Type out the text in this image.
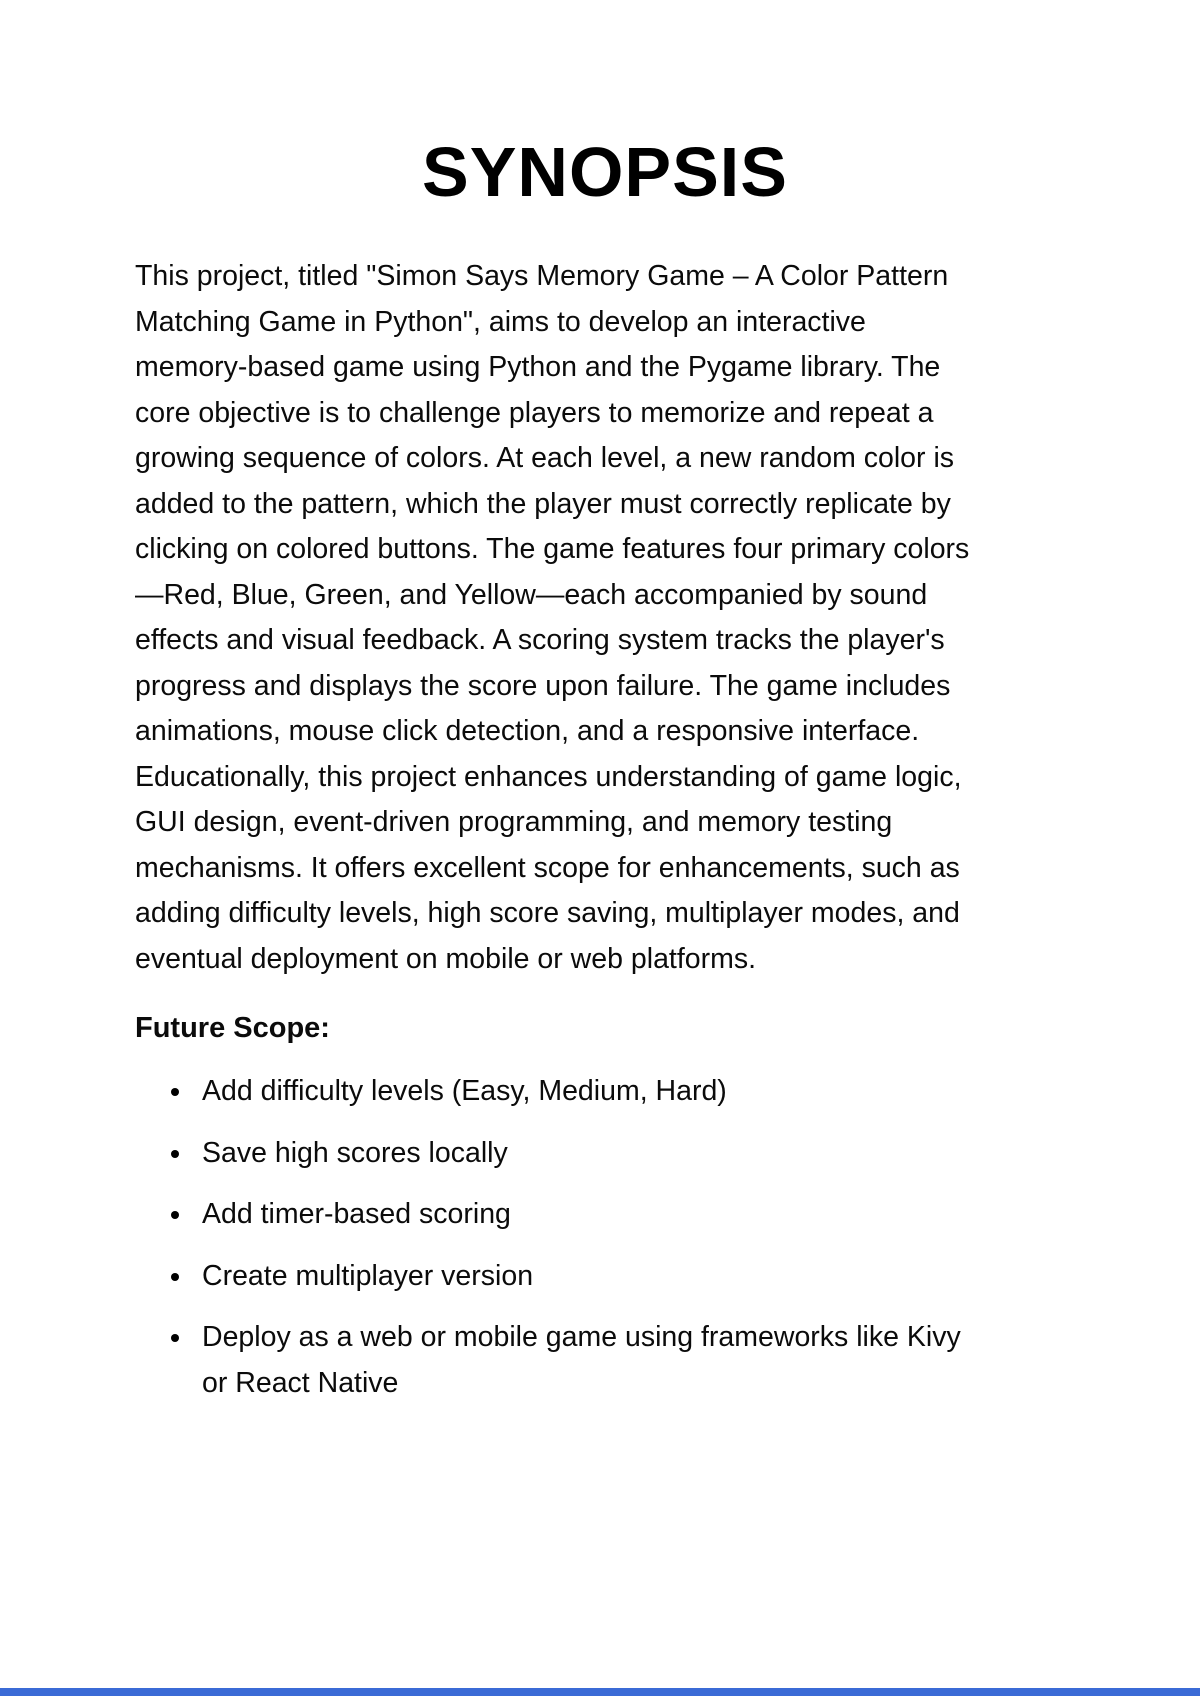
SYNOPSIS

This project, titled "Simon Says Memory Game – A Color Pattern Matching Game in Python", aims to develop an interactive memory-based game using Python and the Pygame library. The core objective is to challenge players to memorize and repeat a growing sequence of colors. At each level, a new random color is added to the pattern, which the player must correctly replicate by clicking on colored buttons. The game features four primary colors—Red, Blue, Green, and Yellow—each accompanied by sound effects and visual feedback. A scoring system tracks the player's progress and displays the score upon failure. The game includes animations, mouse click detection, and a responsive interface. Educationally, this project enhances understanding of game logic, GUI design, event-driven programming, and memory testing mechanisms. It offers excellent scope for enhancements, such as adding difficulty levels, high score saving, multiplayer modes, and eventual deployment on mobile or web platforms.

Future Scope:
Add difficulty levels (Easy, Medium, Hard)
Save high scores locally
Add timer-based scoring
Create multiplayer version
Deploy as a web or mobile game using frameworks like Kivy or React Native
